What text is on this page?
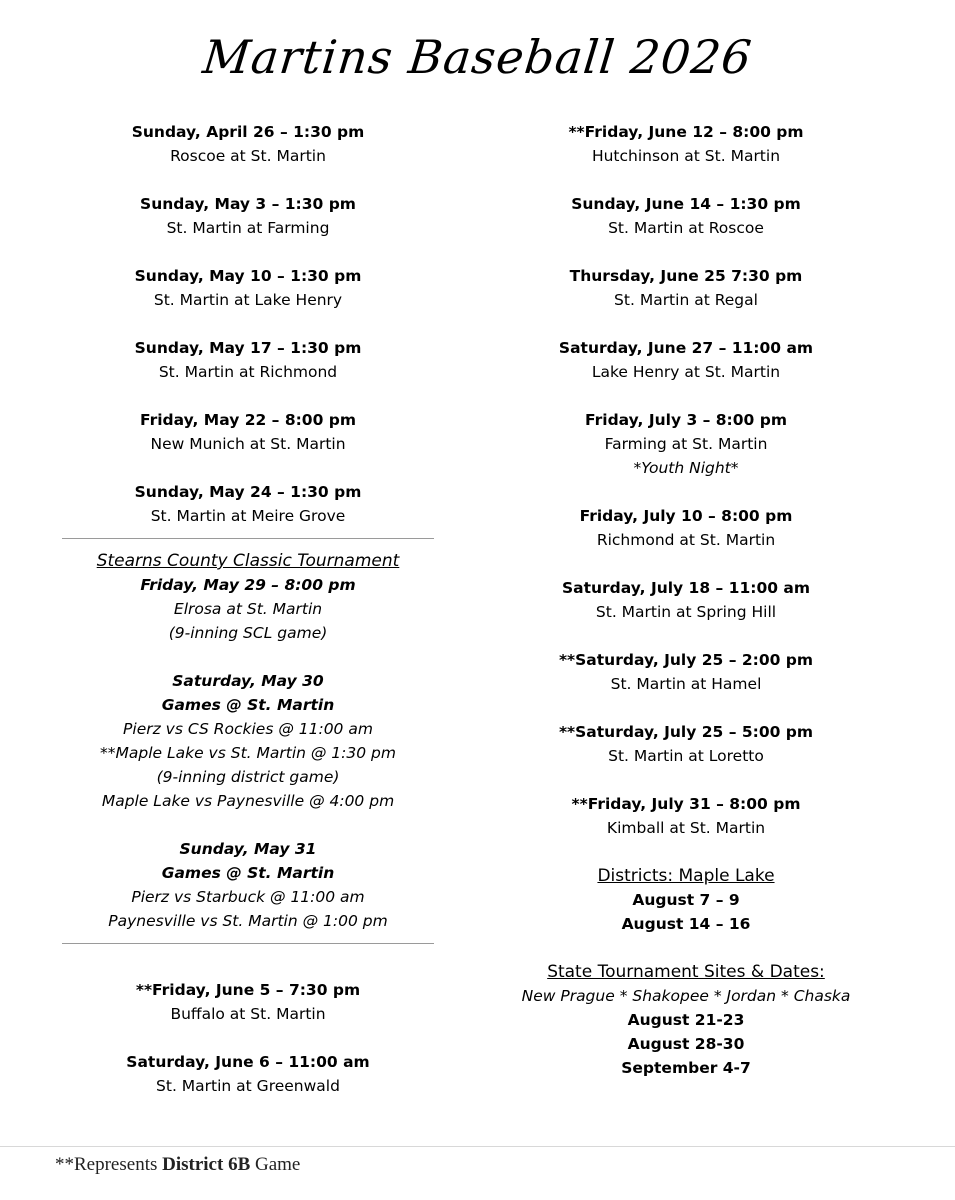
Martins Baseball 2026
Sunday, April 26 – 1:30 pm
Roscoe at St. Martin
Sunday, May 3 – 1:30 pm
St. Martin at Farming
Sunday, May 10 – 1:30 pm
St. Martin at Lake Henry
Sunday, May 17 – 1:30 pm
St. Martin at Richmond
Friday, May 22 – 8:00 pm
New Munich at St. Martin
Sunday, May 24 – 1:30 pm
St. Martin at Meire Grove
Stearns County Classic Tournament
Friday, May 29 – 8:00 pm
Elrosa at St. Martin
(9-inning SCL game)
Saturday, May 30
Games @ St. Martin
Pierz vs CS Rockies @ 11:00 am
**Maple Lake vs St. Martin @ 1:30 pm
(9-inning district game)
Maple Lake vs Paynesville @ 4:00 pm
Sunday, May 31
Games @ St. Martin
Pierz vs Starbuck @ 11:00 am
Paynesville vs St. Martin @ 1:00 pm
**Friday, June 5 – 7:30 pm
Buffalo at St. Martin
Saturday, June 6 – 11:00 am
St. Martin at Greenwald
**Friday, June 12 – 8:00 pm
Hutchinson at St. Martin
Sunday, June 14 – 1:30 pm
St. Martin at Roscoe
Thursday, June 25 7:30 pm
St. Martin at Regal
Saturday, June 27 – 11:00 am
Lake Henry at St. Martin
Friday, July 3 – 8:00 pm
Farming at St. Martin
*Youth Night*
Friday, July 10 – 8:00 pm
Richmond at St. Martin
Saturday, July 18 – 11:00 am
St. Martin at Spring Hill
**Saturday, July 25 – 2:00 pm
St. Martin at Hamel
**Saturday, July 25 – 5:00 pm
St. Martin at Loretto
**Friday, July 31 – 8:00 pm
Kimball at St. Martin
Districts: Maple Lake
August 7 – 9
August 14 – 16
State Tournament Sites & Dates:
New Prague * Shakopee * Jordan * Chaska
August 21-23
August 28-30
September 4-7
**Represents District 6B Game
